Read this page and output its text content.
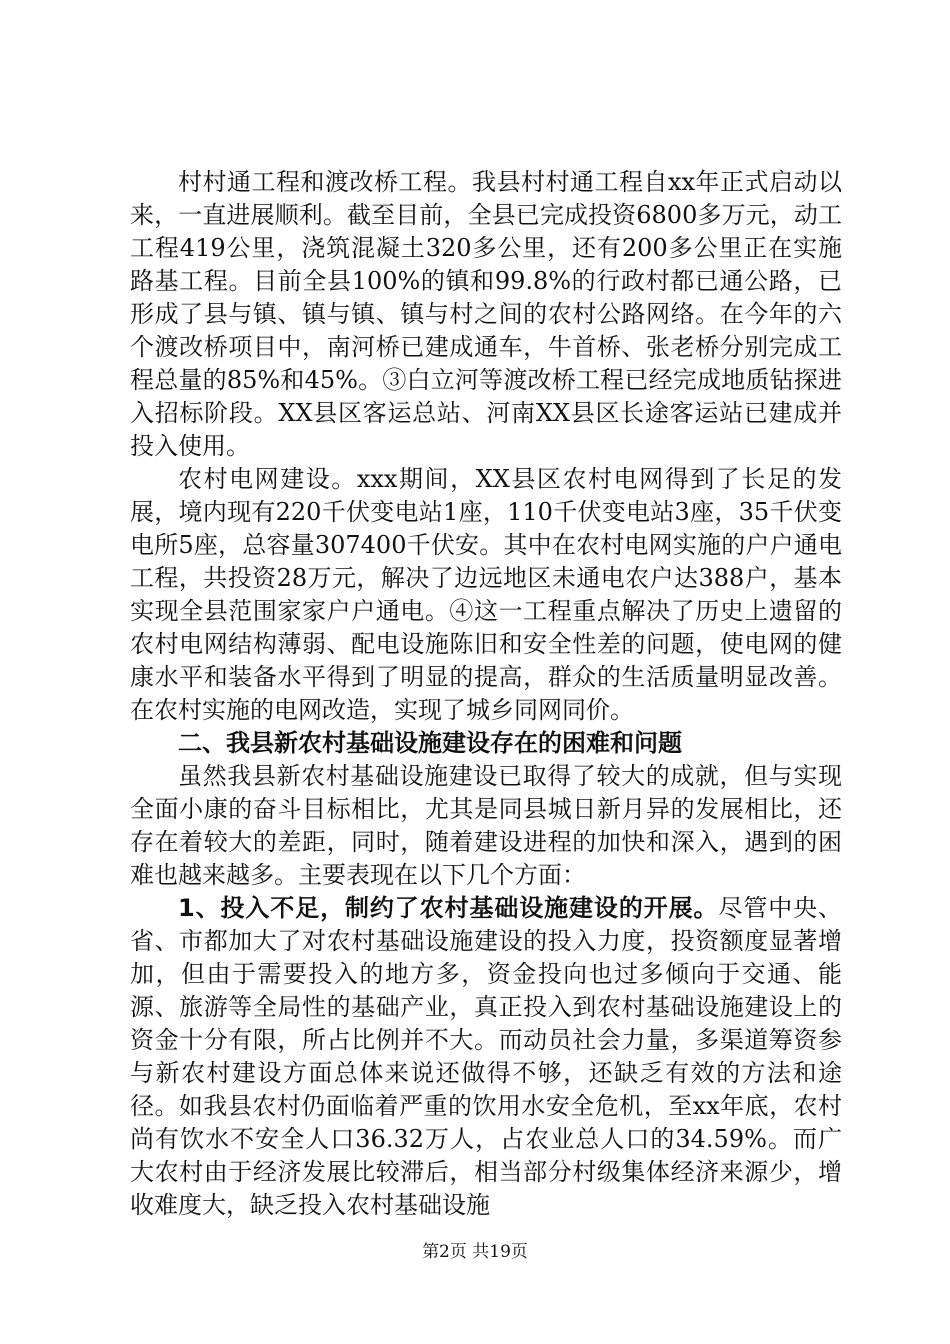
村村通工程和渡改桥工程。我县村村通工程自xx年正式启动以来，一直进展顺利。截至目前，全县已完成投资6800多万元，动工工程419公里，浇筑混凝土320多公里，还有200多公里正在实施路基工程。目前全县100%的镇和99.8%的行政村都已通公路，已形成了县与镇、镇与镇、镇与村之间的农村公路网络。在今年的六个渡改桥项目中，南河桥已建成通车，牛首桥、张老桥分别完成工程总量的85%和45%。③白立河等渡改桥工程已经完成地质钻探进入招标阶段。XX县区客运总站、河南XX县区长途客运站已建成并投入使用。

农村电网建设。xxx期间，XX县区农村电网得到了长足的发展，境内现有220千伏变电站1座，110千伏变电站3座，35千伏变电所5座，总容量307400千伏安。其中在农村电网实施的户户通电工程，共投资28万元，解决了边远地区未通电农户达388户，基本实现全县范围家家户户通电。④这一工程重点解决了历史上遗留的农村电网结构薄弱、配电设施陈旧和安全性差的问题，使电网的健康水平和装备水平得到了明显的提高，群众的生活质量明显改善。在农村实施的电网改造，实现了城乡同网同价。

二、我县新农村基础设施建设存在的困难和问题

虽然我县新农村基础设施建设已取得了较大的成就，但与实现全面小康的奋斗目标相比，尤其是同县城日新月异的发展相比，还存在着较大的差距，同时，随着建设进程的加快和深入，遇到的困难也越来越多。主要表现在以下几个方面：

1、投入不足，制约了农村基础设施建设的开展。尽管中央、省、市都加大了对农村基础设施建设的投入力度，投资额度显著增加，但由于需要投入的地方多，资金投向也过多倾向于交通、能源、旅游等全局性的基础产业，真正投入到农村基础设施建设上的资金十分有限，所占比例并不大。而动员社会力量，多渠道筹资参与新农村建设方面总体来说还做得不够，还缺乏有效的方法和途径。如我县农村仍面临着严重的饮用水安全危机，至xx年底，农村尚有饮水不安全人口36.32万人，占农业总人口的34.59%。而广大农村由于经济发展比较滞后，相当部分村级集体经济来源少，增收难度大，缺乏投入农村基础设施

第2页 共19页
